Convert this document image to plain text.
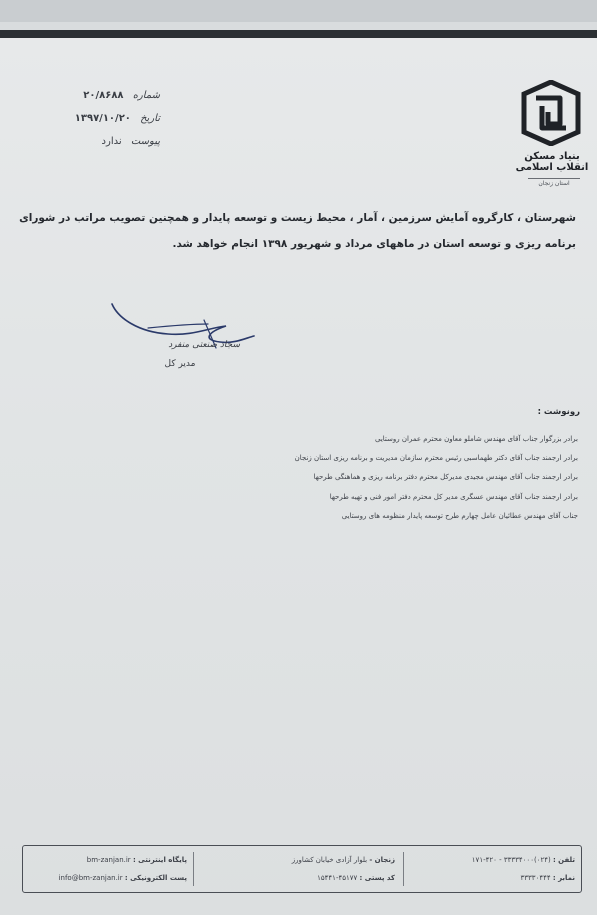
بنیاد مسکن انقلاب اسلامی
استان زنجان
شماره ۲۰/۸۶۸۸
تاریخ ۱۳۹۷/۱۰/۲۰
پیوست ندارد
شهرستان ، کارگروه آمایش سرزمین ، آمار ، محیط زیست و توسعه پایدار و همچنین تصویب مراتب در شورای
برنامه ریزی و توسعه استان در ماههای مرداد و شهریور ۱۳۹۸ انجام خواهد شد.
سجاد صنعتی منفرد
مدیر کل
رونوشت :
برادر بزرگوار جناب آقای مهندس شاملو معاون محترم عمران روستایی
برادر ارجمند جناب آقای دکتر طهماسبی رئیس محترم سازمان مدیریت و برنامه ریزی استان زنجان
برادر ارجمند جناب آقای مهندس مجیدی مدیرکل محترم دفتر برنامه ریزی و هماهنگی طرحها
برادر ارجمند جناب آقای مهندس عسگری مدیر کل محترم دفتر امور فنی و تهیه طرحها
جناب آقای مهندس عطائیان عامل چهارم طرح توسعه پایدار منظومه های روستایی
تلفن : (۰۲۴)۳۳۳۳۴۰۰۰ - ۴۲۰-۱۷۱
نمابر : ۳۳۳۳۰۴۴۴
زنجان - بلوار آزادی خیابان کشاورز
کد پستی : ۴۵۱۷۷-۱۵۴۴۱
پایگاه اینترنتی : bm-zanjan.ir
پست الکترونیکی : info@bm-zanjan.ir
